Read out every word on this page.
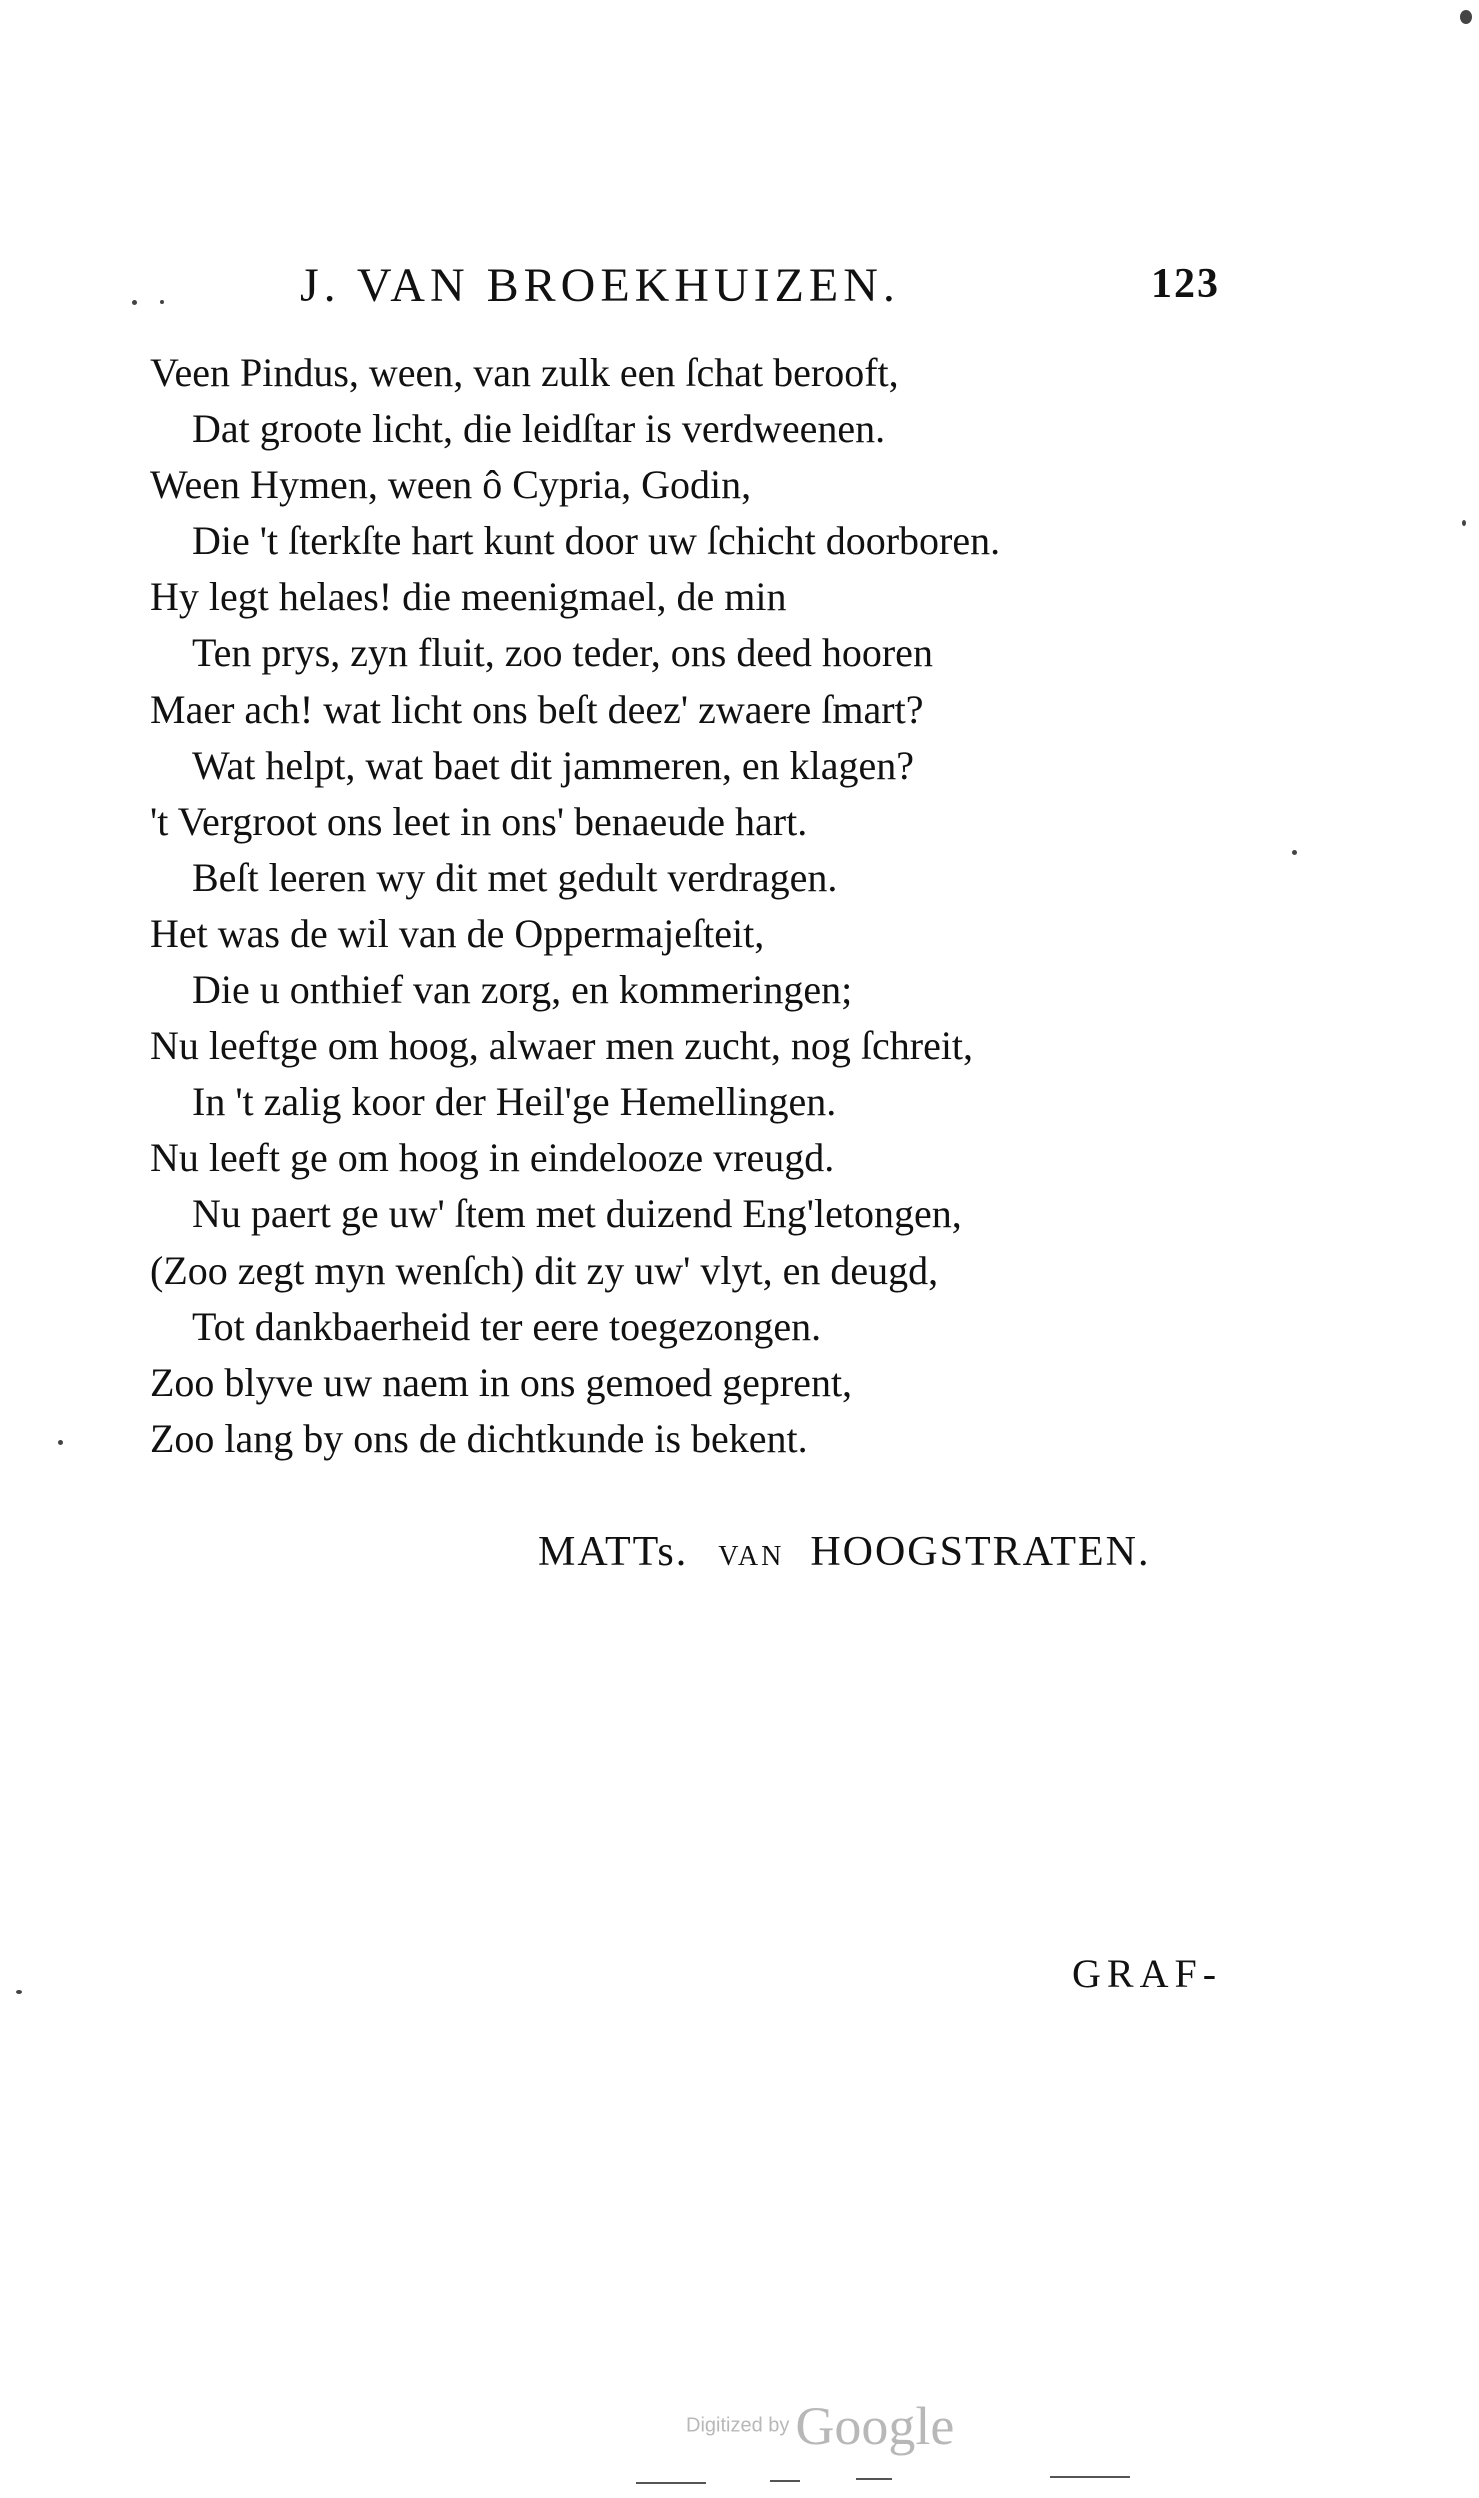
J. VAN BROEKHUIZEN.	123
Veen Pindus, ween, van zulk een ſchat berooft,
Dat groote licht, die leidſtar is verdweenen.
Ween Hymen, ween ô Cypria, Godin,
Die 't ſterkſte hart kunt door uw ſchicht doorboren.
Hy legt helaes! die meenigmael, de min
Ten prys, zyn fluit, zoo teder, ons deed hooren
Maer ach! wat licht ons beſt deez' zwaere ſmart?
Wat helpt, wat baet dit jammeren, en klagen?
't Vergroot ons leet in ons' benaeude hart.
Beſt leeren wy dit met gedult verdragen.
Het was de wil van de Oppermajeſteit,
Die u onthief van zorg, en kommeringen;
Nu leeftge om hoog, alwaer men zucht, nog ſchreit,
In 't zalig koor der Heil'ge Hemellingen.
Nu leeft ge om hoog in eindelooze vreugd.
Nu paert ge uw' ſtem met duizend Eng'letongen,
(Zoo zegt myn wenſch) dit zy uw' vlyt, en deugd,
Tot dankbaerheid ter eere toegezongen.
Zoo blyve uw naem in ons gemoed geprent,
Zoo lang by ons de dichtkunde is bekent.
MATTs. VAN HOOGSTRATEN.
GRAF-
Digitized by Google
